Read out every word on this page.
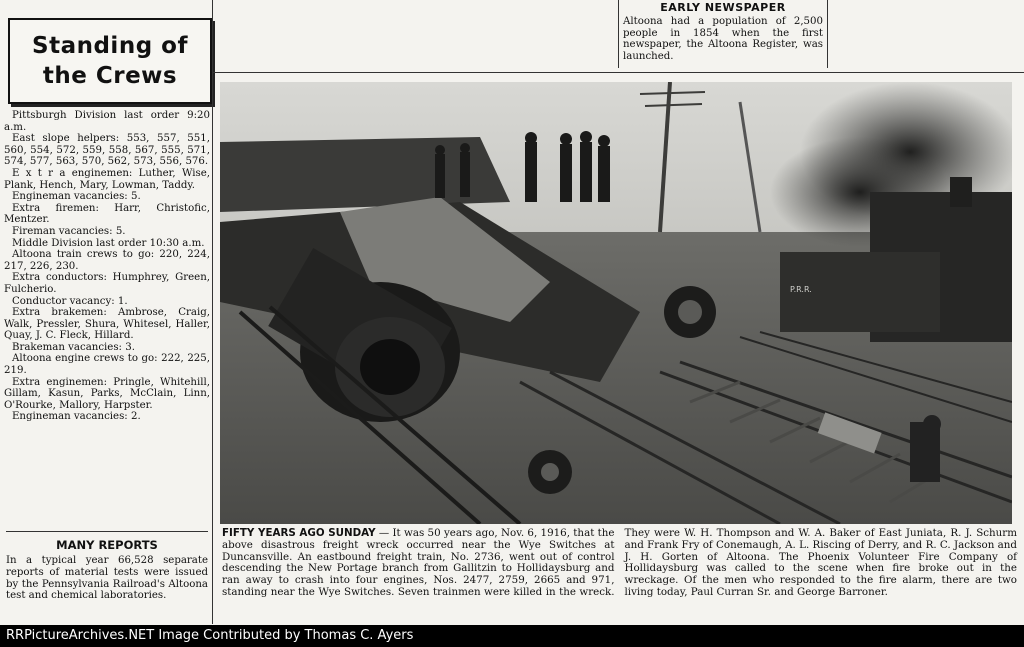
Standing of
the Crews

Pittsburgh Division last order 9:20 a.m.

East slope helpers: 553, 557, 551, 560, 554, 572, 559, 558, 567, 555, 571, 574, 577, 563, 570, 562, 573, 556, 576.

E x t r a enginemen: Luther, Wise, Plank, Hench, Mary, Lowman, Taddy.

Engineman vacancies: 5.

Extra firemen: Harr, Christofic, Mentzer.

Fireman vacancies: 5.

Middle Division last order 10:30 a.m.

Altoona train crews to go: 220, 224, 217, 226, 230.

Extra conductors: Humphrey, Green, Fulcherio.

Conductor vacancy: 1.

Extra brakemen: Ambrose, Craig, Walk, Pressler, Shura, Whitesel, Haller, Quay, J. C. Fleck, Hillard.

Brakeman vacancies: 3.

Altoona engine crews to go: 222, 225, 219.

Extra enginemen: Pringle, Whitehill, Gillam, Kasun, Parks, McClain, Linn, O'Rourke, Mallory, Harpster.

Engineman vacancies: 2.

MANY REPORTS
In a typical year 66,528 separate reports of material tests were issued by the Pennsylvania Railroad's Altoona test and chemical laboratories.
EARLY NEWSPAPER
Altoona had a population of 2,500 people in 1854 when the first newspaper, the Altoona Register, was launched.
P.R.R.
FIFTY YEARS AGO SUNDAY — It was 50 years ago, Nov. 6, 1916, that the above disastrous freight wreck occurred near the Wye Switches at Duncansville. An eastbound freight train, No. 2736, went out of control descending the New Portage branch from Gallitzin to Hollidaysburg and ran away to crash into four engines, Nos. 2477, 2759, 2665 and 971, standing near the Wye Switches. Seven trainmen were killed in the wreck. They were W. H. Thompson and W. A. Baker of East Juniata, R. J. Schurm and Frank Fry of Conemaugh, A. L. Riscing of Derry, and R. C. Jackson and J. H. Gorten of Altoona. The Phoenix Volunteer Fire Company of Hollidaysburg was called to the scene when fire broke out in the wreckage. Of the men who responded to the fire alarm, there are two living today, Paul Curran Sr. and George Barroner.
RRPictureArchives.NET Image Contributed by Thomas C. Ayers
